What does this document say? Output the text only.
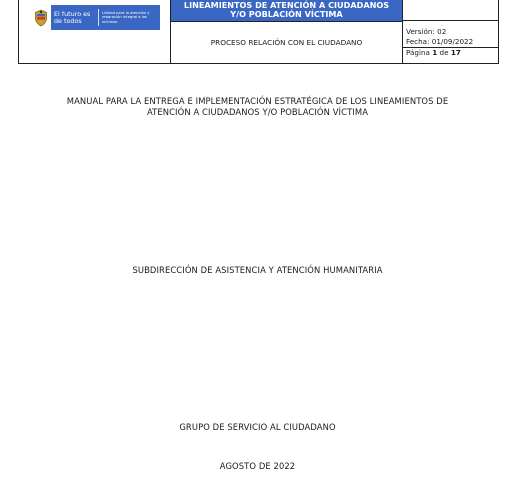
El futuro es de todos
Unidad para la atención y reparación integral a las víctimas
LINEAMIENTOS DE ATENCIÓN A CIUDADANOS
Y/O POBLACIÓN VÍCTIMA
PROCESO RELACIÓN CON EL CIUDADANO
Versión: 02
Fecha: 01/09/2022
Página 1 de 17
MANUAL PARA LA ENTREGA E IMPLEMENTACIÓN ESTRATÉGICA DE LOS LINEAMIENTOS DE
ATENCIÓN A CIUDADANOS Y/O POBLACIÓN VÍCTIMA
SUBDIRECCIÓN DE ASISTENCIA Y ATENCIÓN HUMANITARIA
GRUPO DE SERVICIO AL CIUDADANO
AGOSTO DE 2022
